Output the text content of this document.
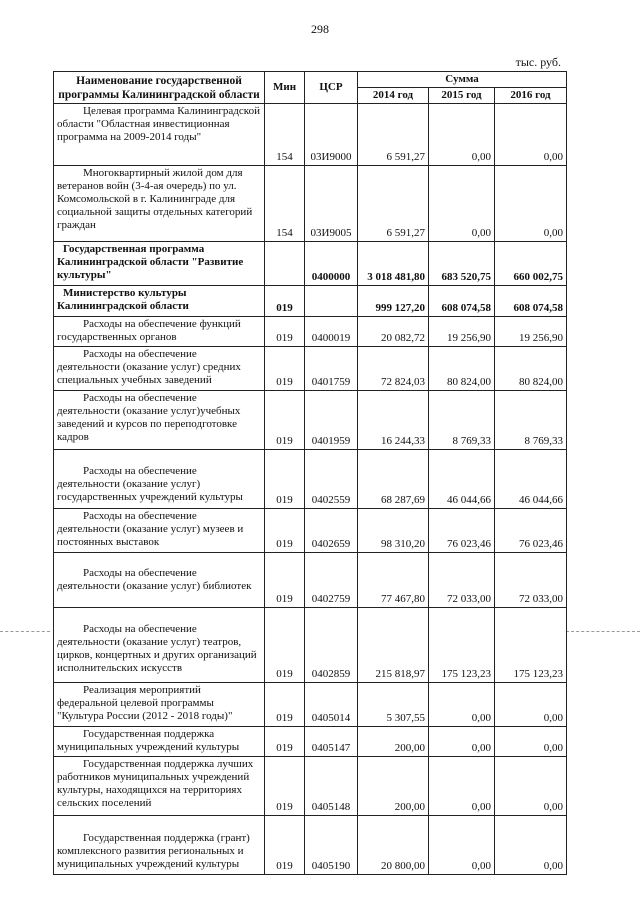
298
тыс. руб.
Наименование государственной программы Калининградской области	Мин	ЦСР	Сумма		
			2014 год	2015 год	2016 год
Целевая программа Калининградской области "Областная инвестиционная программа на 2009-2014 годы"	154	03И9000	6 591,27	0,00	0,00
Многоквартирный жилой дом для ветеранов войн (3-4-ая очередь) по ул. Комсомольской в г. Калининграде для социальной защиты отдельных категорий граждан	154	03И9005	6 591,27	0,00	0,00
Государственная программа Калининградской области "Развитие культуры"		0400000	3 018 481,80	683 520,75	660 002,75
Министерство культуры Калининградской области	019		999 127,20	608 074,58	608 074,58
Расходы на обеспечение функций государственных органов	019	0400019	20 082,72	19 256,90	19 256,90
Расходы на обеспечение деятельности (оказание услуг) средних специальных учебных заведений	019	0401759	72 824,03	80 824,00	80 824,00
Расходы на обеспечение деятельности (оказание услуг)учебных заведений и курсов по переподготовке кадров	019	0401959	16 244,33	8 769,33	8 769,33
Расходы на обеспечение деятельности (оказание услуг) государственных учреждений культуры	019	0402559	68 287,69	46 044,66	46 044,66
Расходы на обеспечение деятельности (оказание услуг) музеев и постоянных выставок	019	0402659	98 310,20	76 023,46	76 023,46
Расходы на обеспечение деятельности (оказание услуг) библиотек	019	0402759	77 467,80	72 033,00	72 033,00
Расходы на обеспечение деятельности (оказание услуг) театров, цирков, концертных и других организаций исполнительских искусств	019	0402859	215 818,97	175 123,23	175 123,23
Реализация мероприятий федеральной целевой программы "Культура России (2012 - 2018 годы)"	019	0405014	5 307,55	0,00	0,00
Государственная поддержка муниципальных учреждений культуры	019	0405147	200,00	0,00	0,00
Государственная поддержка лучших работников муниципальных учреждений культуры, находящихся на территориях сельских поселений	019	0405148	200,00	0,00	0,00
Государственная поддержка (грант) комплексного развития региональных и муниципальных учреждений культуры	019	0405190	20 800,00	0,00	0,00
